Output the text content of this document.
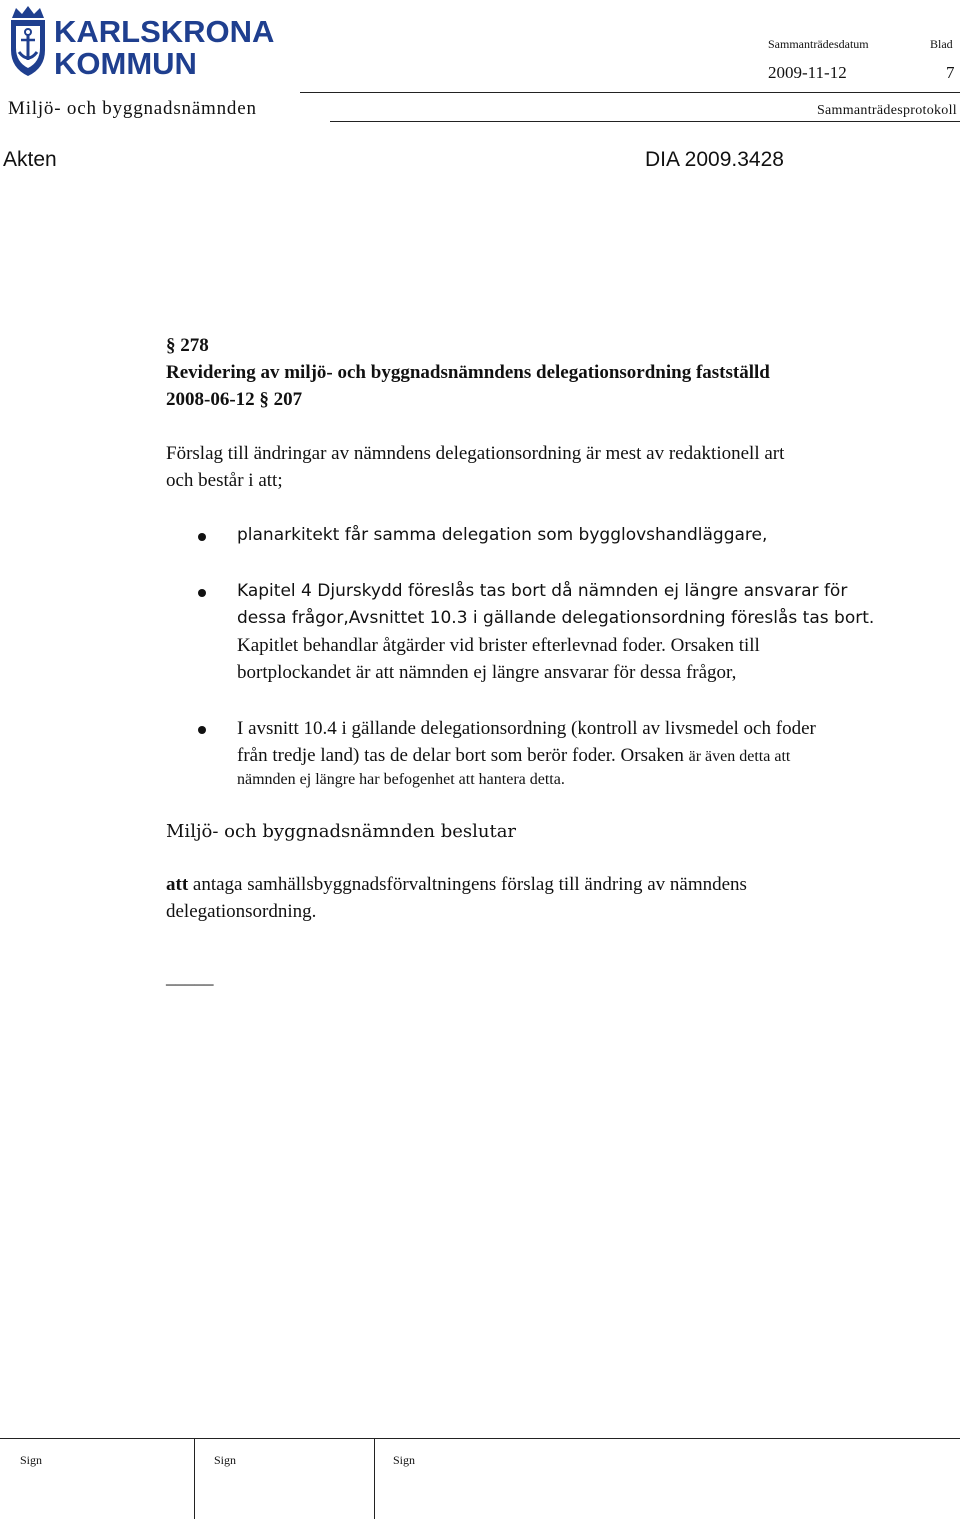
KARLSKRONA
KOMMUN
Sammanträdesdatum	Blad
2009-11-12	7
Miljö- och byggnadsnämnden	Sammanträdesprotokoll
Akten	DIA 2009.3428
§ 278
Revidering av miljö- och byggnadsnämndens delegationsordning fastställd
2008-06-12 § 207
Förslag till ändringar av nämndens delegationsordning är mest av redaktionell art
och består i att;
planarkitekt får samma delegation som bygglovshandläggare,
Kapitel 4 Djurskydd föreslås tas bort då nämnden ej längre ansvarar för
dessa frågor,Avsnittet 10.3 i gällande delegationsordning föreslås tas bort.
Kapitlet behandlar åtgärder vid brister efterlevnad foder. Orsaken till
bortplockandet är att nämnden ej längre ansvarar för dessa frågor,
I avsnitt 10.4 i gällande delegationsordning (kontroll av livsmedel och foder
från tredje land) tas de delar bort som berör foder. Orsaken är även detta att
nämnden ej längre har befogenhet att hantera detta.
Miljö- och byggnadsnämnden beslutar
att antaga samhällsbyggnadsförvaltningens förslag till ändring av nämndens
delegationsordning.
_____
Sign	Sign	Sign
